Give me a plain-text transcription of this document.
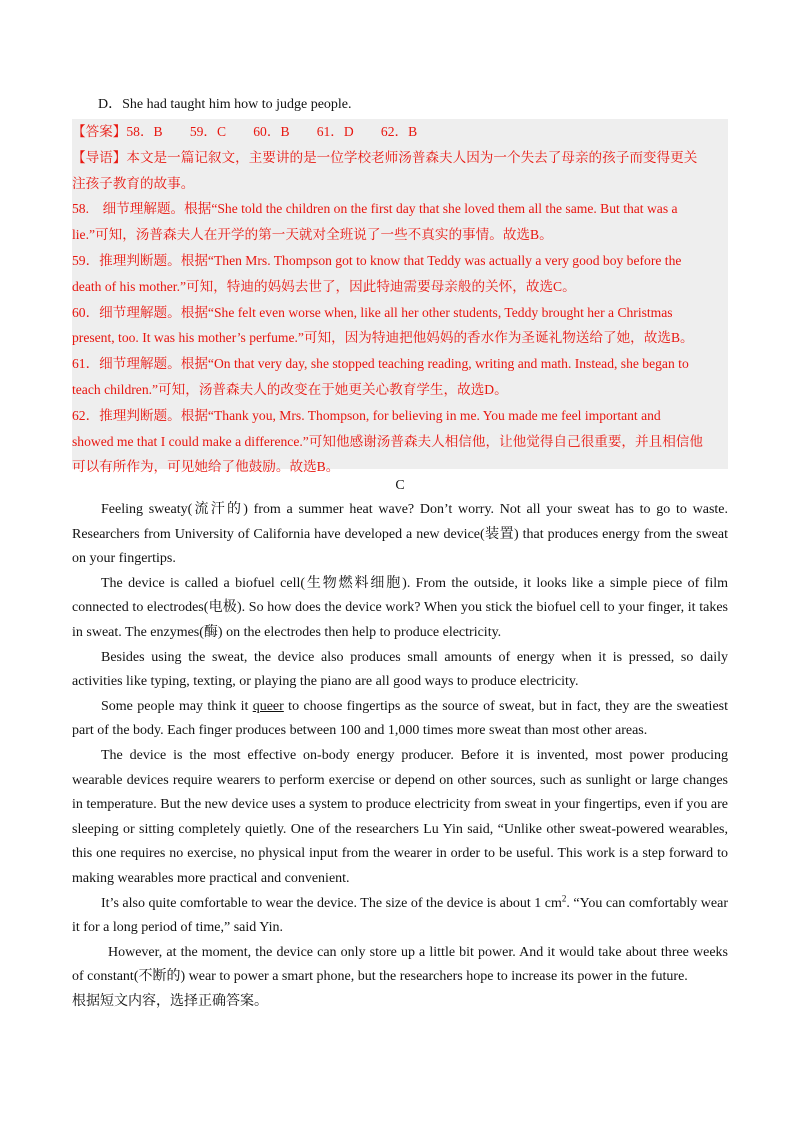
D．She had taught him how to judge people.

【答案】58．B　　59．C　　60．B　　61．D　　62．B

【导语】本文是一篇记叙文，主要讲的是一位学校老师汤普森夫人因为一个失去了母亲的孩子而变得更关

注孩子教育的故事。

58.　细节理解题。根据“She told the children on the first day that she loved them all the same. But that was a

lie.”可知，汤普森夫人在开学的第一天就对全班说了一些不真实的事情。故选B。

59．推理判断题。根据“Then Mrs. Thompson got to know that Teddy was actually a very good boy before the

death of his mother.”可知，特迪的妈妈去世了，因此特迪需要母亲般的关怀，故选C。

60．细节理解题。根据“She felt even worse when, like all her other students, Teddy brought her a Christmas

present, too. It was his mother’s perfume.”可知，因为特迪把他妈妈的香水作为圣诞礼物送给了她，故选B。

61．细节理解题。根据“On that very day, she stopped teaching reading, writing and math. Instead, she began to

teach children.”可知，汤普森夫人的改变在于她更关心教育学生，故选D。

62．推理判断题。根据“Thank you, Mrs. Thompson, for believing in me. You made me feel important and

showed me that I could make a difference.”可知他感谢汤普森夫人相信他，让他觉得自己很重要，并且相信他

可以有所作为，可见她给了他鼓励。故选B。

C

Feeling sweaty(流汗的) from a summer heat wave? Don’t worry. Not all your sweat has to go to waste. Researchers from University of California have developed a new device(装置) that produces energy from the sweat on your fingertips.

The device is called a biofuel cell(生物燃料细胞). From the outside, it looks like a simple piece of film connected to electrodes(电极). So how does the device work? When you stick the biofuel cell to your finger, it takes in sweat. The enzymes(酶) on the electrodes then help to produce electricity.

Besides using the sweat, the device also produces small amounts of energy when it is pressed, so daily activities like typing, texting, or playing the piano are all good ways to produce electricity.

Some people may think it queer to choose fingertips as the source of sweat, but in fact, they are the sweatiest part of the body. Each finger produces between 100 and 1,000 times more sweat than most other areas.

The device is the most effective on-body energy producer. Before it is invented, most power producing wearable devices require wearers to perform exercise or depend on other sources, such as sunlight or large changes in temperature. But the new device uses a system to produce electricity from sweat in your fingertips, even if you are sleeping or sitting completely quietly. One of the researchers Lu Yin said, “Unlike other sweat-powered wearables, this one requires no exercise, no physical input from the wearer in order to be useful. This work is a step forward to making wearables more practical and convenient.

It’s also quite comfortable to wear the device. The size of the device is about 1 $cm^2$. “You can comfortably wear it for a long period of time,” said Yin.

However, at the moment, the device can only store up a little bit power. And it would take about three weeks of constant(不断的) wear to power a smart phone, but the researchers hope to increase its power in the future.

根据短文内容，选择正确答案。
